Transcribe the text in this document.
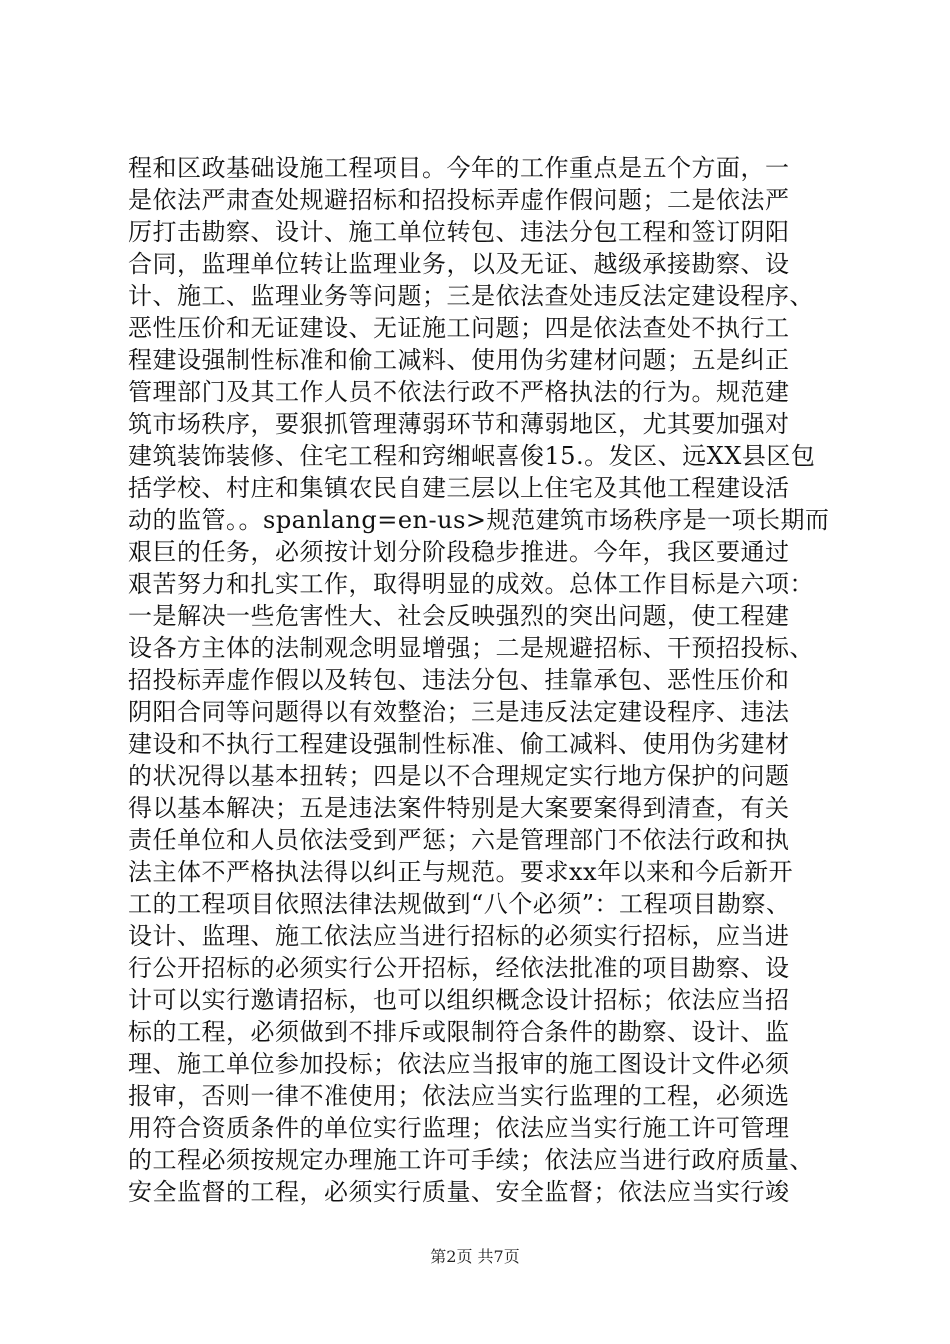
程和区政基础设施工程项目。今年的工作重点是五个方面，一
是依法严肃查处规避招标和招投标弄虚作假问题；二是依法严
厉打击勘察、设计、施工单位转包、违法分包工程和签订阴阳
合同，监理单位转让监理业务，以及无证、越级承接勘察、设
计、施工、监理业务等问题；三是依法查处违反法定建设程序、
恶性压价和无证建设、无证施工问题；四是依法查处不执行工
程建设强制性标准和偷工减料、使用伪劣建材问题；五是纠正
管理部门及其工作人员不依法行政不严格执法的行为。规范建
筑市场秩序，要狠抓管理薄弱环节和薄弱地区，尤其要加强对
建筑装饰装修、住宅工程和窍缃岷喜俊15.。发区、远XX县区包
括学校、村庄和集镇农民自建三层以上住宅及其他工程建设活
动的监管。。spanlang=en-us>规范建筑市场秩序是一项长期而
艰巨的任务，必须按计划分阶段稳步推进。今年，我区要通过
艰苦努力和扎实工作，取得明显的成效。总体工作目标是六项：
一是解决一些危害性大、社会反映强烈的突出问题，使工程建
设各方主体的法制观念明显增强；二是规避招标、干预招投标、
招投标弄虚作假以及转包、违法分包、挂靠承包、恶性压价和
阴阳合同等问题得以有效整治；三是违反法定建设程序、违法
建设和不执行工程建设强制性标准、偷工减料、使用伪劣建材
的状况得以基本扭转；四是以不合理规定实行地方保护的问题
得以基本解决；五是违法案件特别是大案要案得到清查，有关
责任单位和人员依法受到严惩；六是管理部门不依法行政和执
法主体不严格执法得以纠正与规范。要求xx年以来和今后新开
工的工程项目依照法律法规做到“八个必须”：工程项目勘察、
设计、监理、施工依法应当进行招标的必须实行招标，应当进
行公开招标的必须实行公开招标，经依法批准的项目勘察、设
计可以实行邀请招标，也可以组织概念设计招标；依法应当招
标的工程，必须做到不排斥或限制符合条件的勘察、设计、监
理、施工单位参加投标；依法应当报审的施工图设计文件必须
报审，否则一律不准使用；依法应当实行监理的工程，必须选
用符合资质条件的单位实行监理；依法应当实行施工许可管理
的工程必须按规定办理施工许可手续；依法应当进行政府质量、
安全监督的工程，必须实行质量、安全监督；依法应当实行竣
第2页 共7页
